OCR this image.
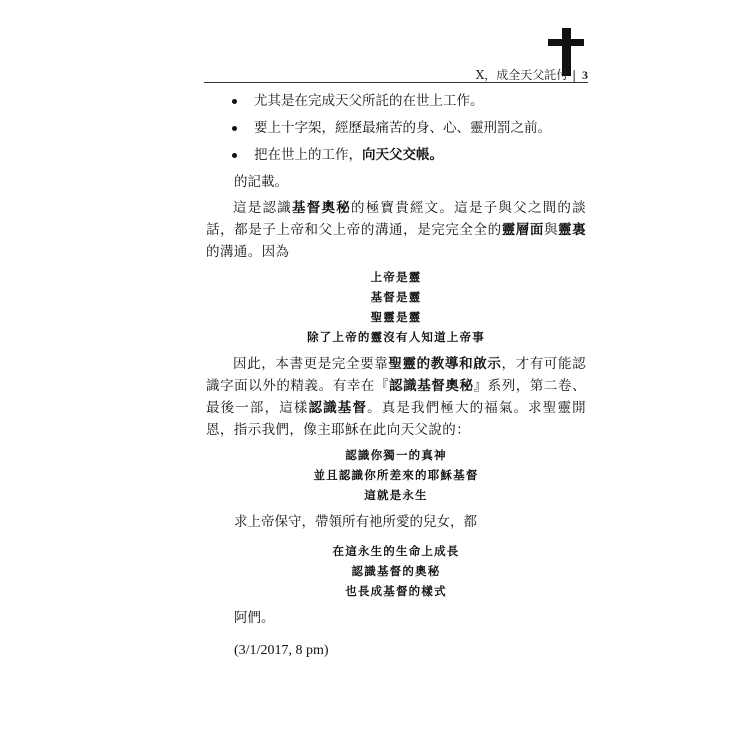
X，成全天父託付 | 3
尤其是在完成天父所託的在世上工作。
要上十字架，經歷最痛苦的身、心、靈刑罰之前。
把在世上的工作，向天父交帳。

的記載。

這是認識基督奧秘的極寶貴經文。這是子與父之間的談話，都是子上帝和父上帝的溝通，是完完全全的靈層面與靈裏的溝通。因為

上帝是靈

基督是靈

聖靈是靈

除了上帝的靈沒有人知道上帝事

因此，本書更是完全要靠聖靈的教導和啟示，才有可能認識字面以外的精義。有幸在『認識基督奧秘』系列，第二卷、最後一部，這樣認識基督。真是我們極大的福氣。求聖靈開恩，指示我們，像主耶穌在此向天父說的：

認識你獨一的真神

並且認識你所差來的耶穌基督

這就是永生

求上帝保守，帶領所有祂所愛的兒女，都

在這永生的生命上成長

認識基督的奧秘

也長成基督的樣式

阿們。

(3/1/2017, 8 pm)
